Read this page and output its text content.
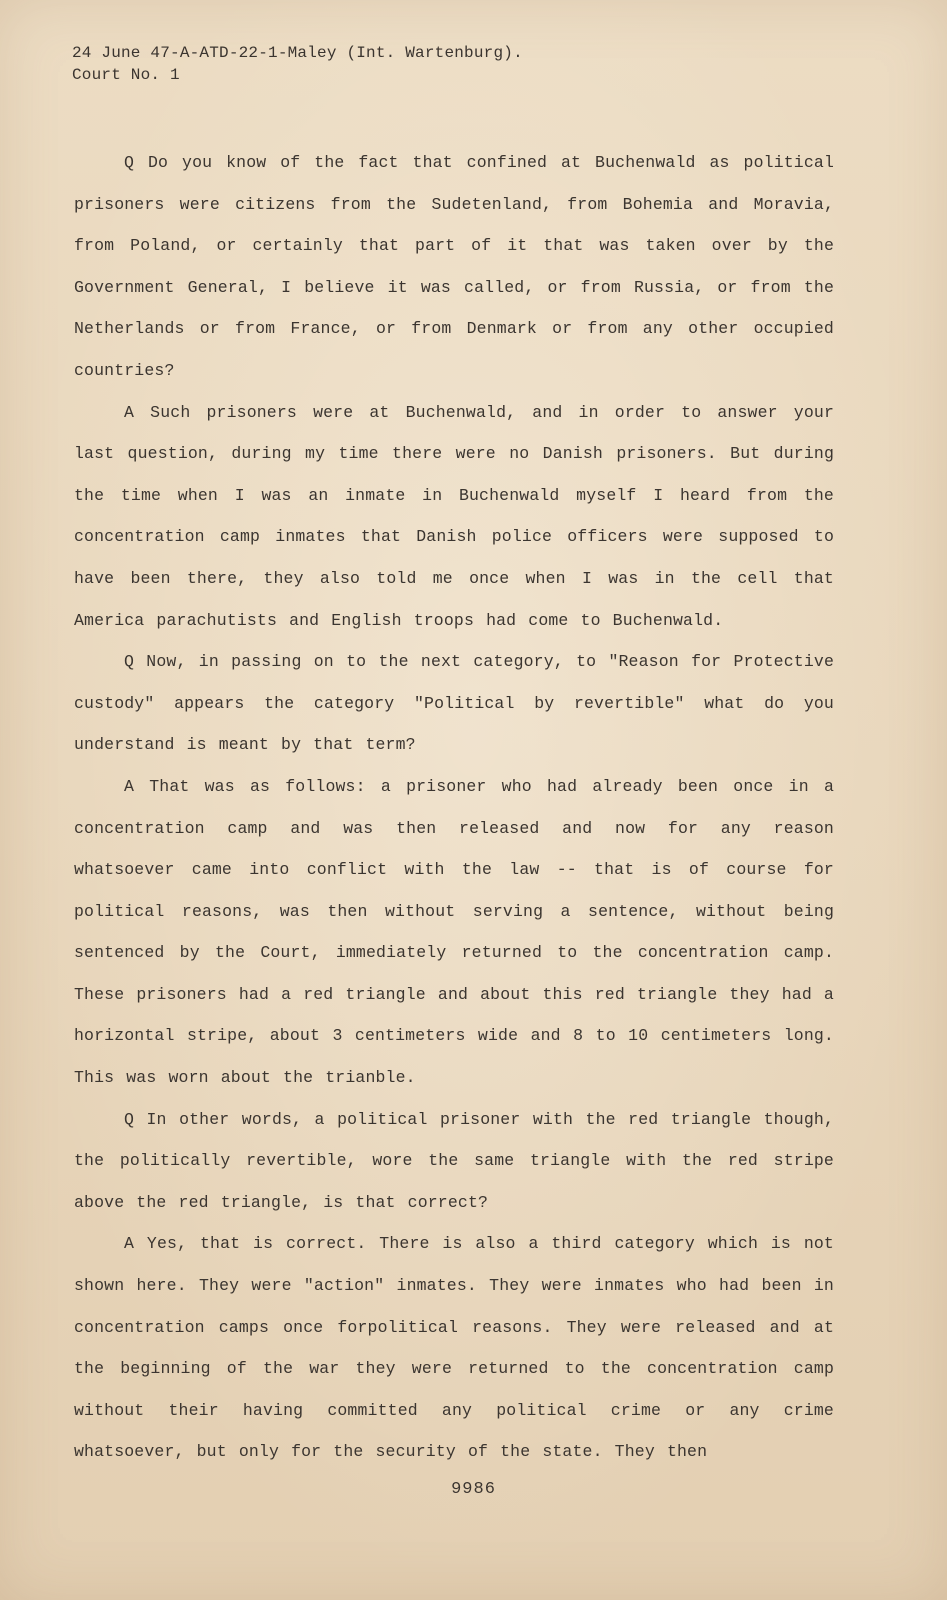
24 June 47-A-ATD-22-1-Maley (Int. Wartenburg).
Court No. 1

Q Do you know of the fact that confined at Buchenwald as political prisoners were citizens from the Sudetenland, from Bohemia and Moravia, from Poland, or certainly that part of it that was taken over by the Government General, I believe it was called, or from Russia, or from the Netherlands or from France, or from Denmark or from any other occupied countries?

A Such prisoners were at Buchenwald, and in order to answer your last question, during my time there were no Danish prisoners. But during the time when I was an inmate in Buchenwald myself I heard from the concentration camp inmates that Danish police officers were supposed to have been there, they also told me once when I was in the cell that America parachutists and English troops had come to Buchenwald.

Q Now, in passing on to the next category, to "Reason for Protective custody" appears the category "Political by revertible" what do you understand is meant by that term?

A That was as follows: a prisoner who had already been once in a concentration camp and was then released and now for any reason whatsoever came into conflict with the law -- that is of course for political reasons, was then without serving a sentence, without being sentenced by the Court, immediately returned to the concentration camp. These prisoners had a red triangle and about this red triangle they had a horizontal stripe, about 3 centimeters wide and 8 to 10 centimeters long. This was worn about the trianble.

Q In other words, a political prisoner with the red triangle though, the politically revertible, wore the same triangle with the red stripe above the red triangle, is that correct?

A Yes, that is correct. There is also a third category which is not shown here. They were "action" inmates. They were inmates who had been in concentration camps once forpolitical reasons. They were released and at the beginning of the war they were returned to the concentration camp without their having committed any political crime or any crime whatsoever, but only for the security of the state. They then

9986
